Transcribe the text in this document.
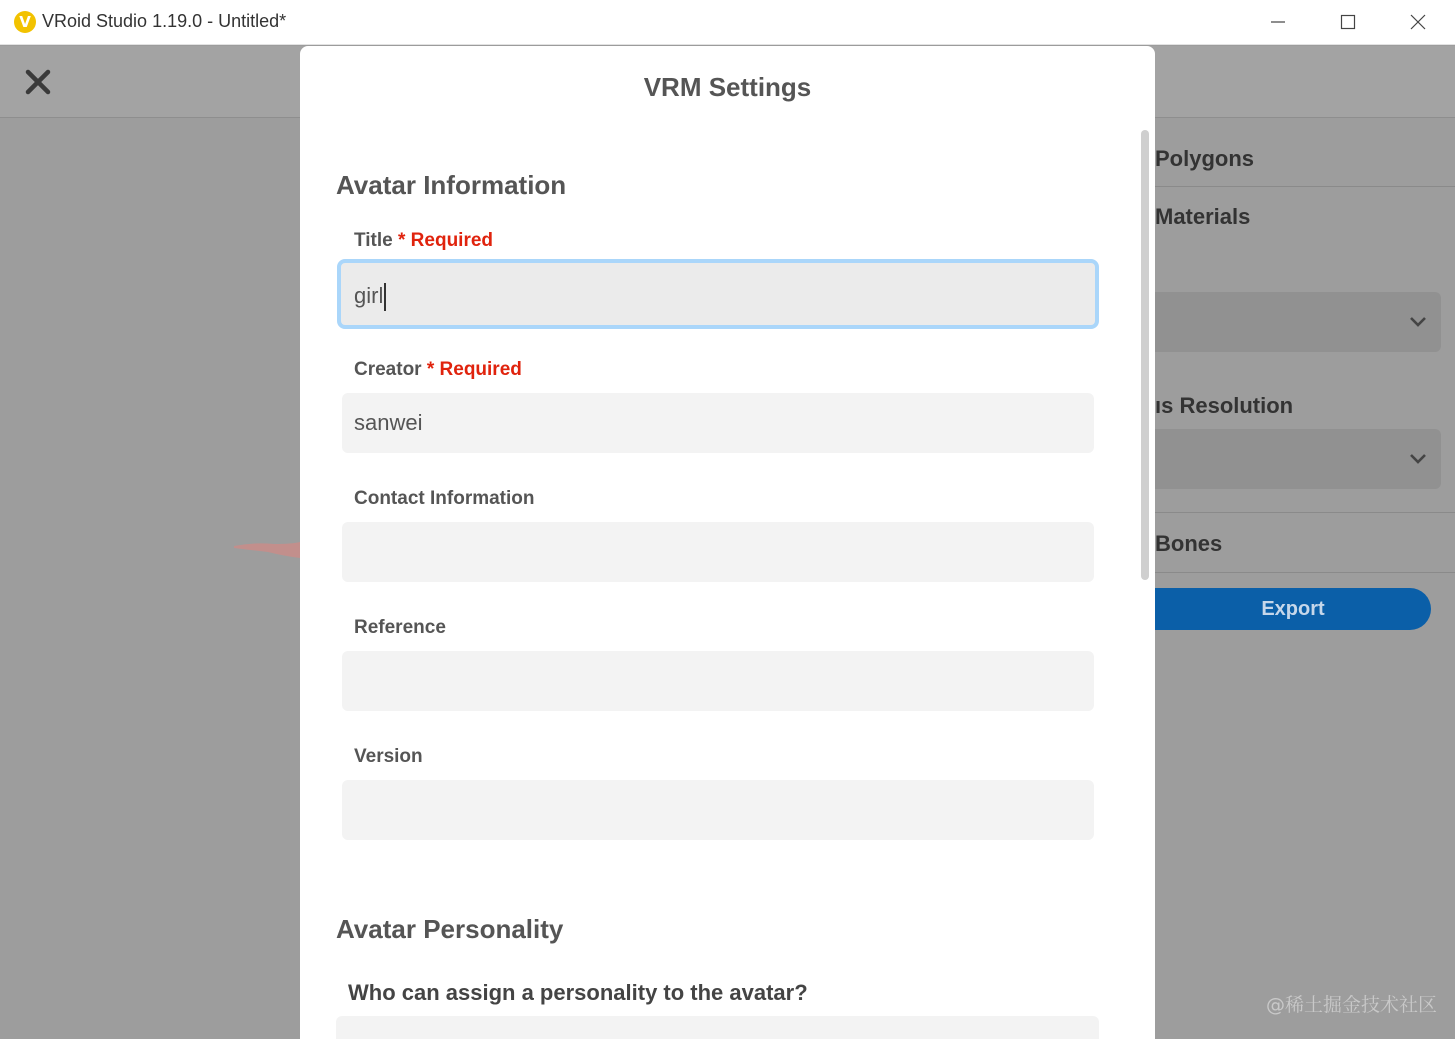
V VRoid Studio 1.19.0 - Untitled*
Polygons
Materials
ıs Resolution
Bones
Export
@稀土掘金技术社区
VRM Settings
Avatar Information
Title * Required
girl
Creator * Required
sanwei
Contact Information
Reference
Version
Avatar Personality
Who can assign a personality to the avatar?
